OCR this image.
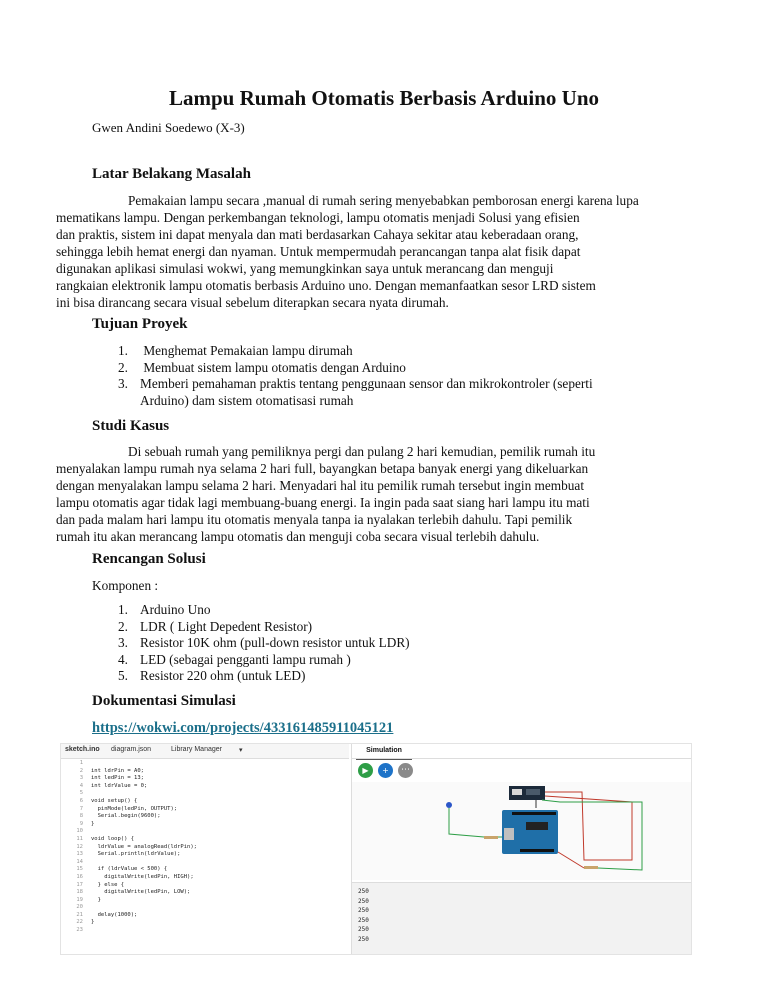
Lampu Rumah Otomatis Berbasis Arduino Uno

Gwen Andini Soedewo (X-3)

Latar Belakang Masalah

Pemakaian lampu secara ,manual di rumah sering menyebabkan pemborosan energi karena lupa
mematikans lampu. Dengan perkembangan teknologi, lampu otomatis menjadi Solusi yang efisien
dan praktis, sistem ini dapat menyala dan mati berdasarkan Cahaya sekitar atau keberadaan orang,
sehingga lebih hemat energi dan nyaman. Untuk mempermudah perancangan tanpa alat fisik dapat
digunakan aplikasi simulasi wokwi, yang memungkinkan saya untuk merancang dan menguji
rangkaian elektronik lampu otomatis berbasis Arduino uno. Dengan memanfaatkan sesor LRD sistem
ini bisa dirancang secara visual sebelum diterapkan secara nyata dirumah.

Tujuan Proyek
1. Menghemat Pemakaian lampu dirumah
2. Membuat sistem lampu otomatis dengan Arduino
3. Memberi pemahaman praktis tentang penggunaan sensor dan mikrokontroler (seperti
Arduino) dam sistem otomatisasi rumah
Studi Kasus

Di sebuah rumah yang pemiliknya pergi dan pulang 2 hari kemudian, pemilik rumah itu
menyalakan lampu rumah nya selama 2 hari full, bayangkan betapa banyak energi yang dikeluarkan
dengan menyalakan lampu selama 2 hari. Menyadari hal itu pemilik rumah tersebut ingin membuat
lampu otomatis agar tidak lagi membuang-buang energi. Ia ingin pada saat siang hari lampu itu mati
dan pada malam hari lampu itu otomatis menyala tanpa ia nyalakan terlebih dahulu. Tapi pemilik
rumah itu akan merancang lampu otomatis dan menguji coba secara visual terlebih dahulu.

Rencangan Solusi

Komponen :

1. Arduino Uno
2. LDR ( Light Depedent Resistor)
3. Resistor 10K ohm (pull-down resistor untuk LDR)
4. LED (sebagai pengganti lampu rumah )
5. Resistor 220 ohm (untuk LED)
Dokumentasi Simulasi
https://wokwi.com/projects/433161485911045121
sketch.ino diagram.json	Library Manager ▾
1
2
3
4
5
6
7
8
9
10
11
12
13
14
15
16
17
18
19
20
21
22
23
int ldrPin = A0;
int ledPin = 13;
int ldrValue = 0;
void setup() {
pinMode(ledPin, OUTPUT);
Serial.begin(9600);
}
void loop() {
ldrValue = analogRead(ldrPin);
Serial.println(ldrValue);
if (ldrValue < 500) {
digitalWrite(ledPin, HIGH);
} else {
digitalWrite(ledPin, LOW);
}
delay(1000);
}
Simulation
▶	+	⋯
250
250
250
250
250
250
